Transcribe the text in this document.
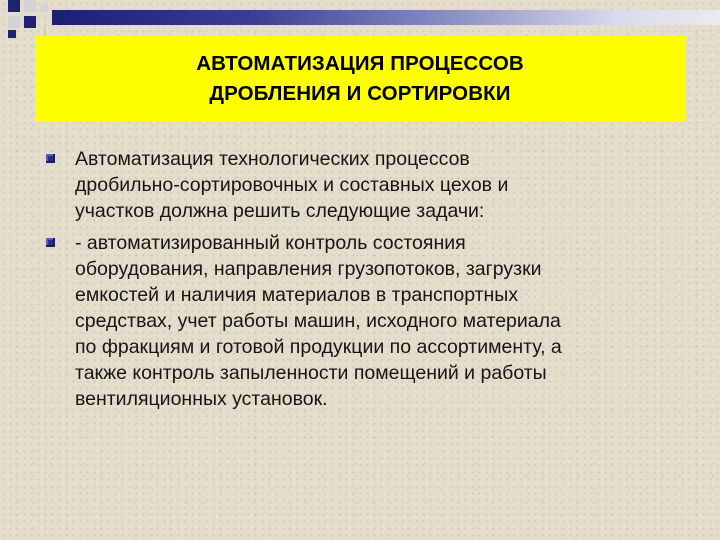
АВТОМАТИЗАЦИЯ ПРОЦЕССОВ
ДРОБЛЕНИЯ И СОРТИРОВКИ
Автоматизация технологических процессов
дробильно-сортировочных и составных цехов и
участков должна решить следующие задачи:
- автоматизированный контроль состояния
оборудования, направления грузопотоков, загрузки
емкостей и наличия материалов в транспортных
средствах, учет работы машин, исходного материала
по фракциям и готовой продукции по ассортименту, а
также контроль запыленности помещений и работы
вентиляционных установок.
